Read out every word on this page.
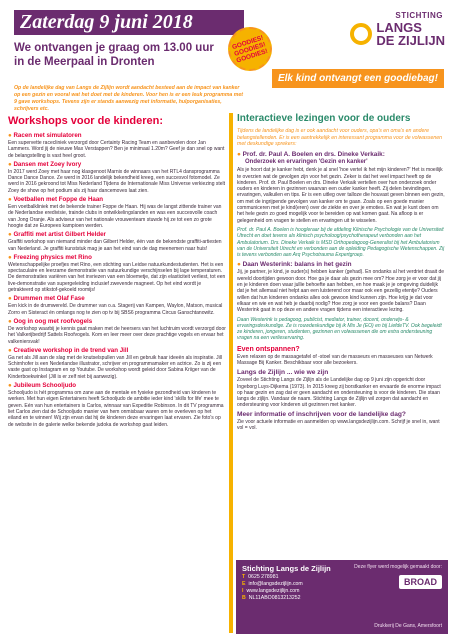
Zaterdag 9 juni 2018
We ontvangen je graag om 13.00 uur
in de Meerpaal in Dronten
GOODIES! GOODIES! GOODIES!
STICHTING
LANGS
DE ZIJLIJN
Elk kind ontvangt een goodiebag!
Op de landelijke dag van Langs de Zijlijn wordt aandacht besteed aan de impact van kanker op een gezin en vooral wat het doet met de kinderen. Voor hen is er een leuk programma met 9 gave workshops. Tevens zijn er stands aanwezig met informatie, hulporganisaties, schrijvers etc.
Workshops voor de kinderen:
● Racen met simulatoren
Een supervette racecliniek verzorgd door Certainty Racing Team en aanbevolen door Jan Lammers. Word jij de nieuwe Max Verstappen? Ben je minimaal 1.20m? Geef je dan snel op want de belangstelling is vast heel groot.
● Dansen met Zoey Ivory
In 2017 werd Zoey met haar nog klasgenoot Marnix de winnaars van het RTL4 dansprogramma Dance Dance Dance. Ze werd in 2016 landelijk bekendheid kreeg, een succesvol fotomodel. Ze werd in 2016 gekroond tot Miss Nederland Tijdens de Internationale Miss Universe verkiezing stelt Zoey de show op het podium als zij haar dancemoves laat zien.
● Voetballen met Foppe de Haan
Een voetbalkliniek met de bekende trainer Foppe de Haan. Hij was de langst zittende trainer van de Nederlandse eredivisie, trainde clubs in ontwikkelingslanden en was een succesvolle coach van Jong Oranje. Als adviseur van het nationale vrouwenteam stuwde hij ze tot een zo grote hoogte dat ze Europees kampioen werden.
● Graffiti met artist Gilbert Helder
Graffiti workshop van niemand minder dan Gilbert Helder, één van de bekendste graffiti-artiesten van Nederland. Je graffiti kunststuk mag je aan het eind van de dag meenemen naar huis!
● Freezing physics met Rino
Wetenschappelijke proefjes met Rino, een stichting van Leidse natuurkundestudenten. Het is een spectaculaire en leerzame demonstratie van natuurkundige verschijnselen bij lage temperaturen. De demonstraties variëren van het invriezen van een bloemetje, dat zijn elasticiteit verliest, tot een live-demonstratie van supergeleiding inclusief zwevende magneet. Op het eind wordt je getrakteerd op stikstof-gekoeld roomijs!
● Drummen met Olaf Fase
Een kick in de drumwereld. De drummer van o.a. Stagerij van Kampen, Waylon, Matson, musical Zorro en Sisteract én omlangs nog te zien op tv bij SBS6 programma Circus Ganschtanowitz.
● Oog in oog met roofvogels
De workshop waarbij je kennis gaat maken met de heersers van het luchtruim wordt verzorgd door het Valkerijbedrijf Sattels Roofvogels. Kom en leer meer over deze prachtige vogels en ervaar het valkeniersvak!
● Creatieve workshop in de trend van Jill
Ga net als Jill aan de slag met de knutselspullen van Jill en gebruik haar ideeën als inspiratie. Jill Schirnhofer is een Nederlandse illustrator, schrijver en programmamaker en actrice. Zo is zij een vaste gast op Instagram en op Youtube. De workshop wordt geleid door Sabina Kriiger van de Kinderboekwinkel (Jill is er zelf niet bij aanwezig).
● Jubileum Schooljudo
Schooljudo is hét programma om zane aan de mentale en fysieke gezondheid van kinderen te werken. Met hun eigen Entertainers heeft Schooljudo de ambitie ieder kind 'skills for life' mee te geven. Eén van hun entertainers is Carlos, winnaar van Expeditie Robinson. In dit TV programma liet Carlos zien dat de Schooljudo manier van hem onmisbaar waren om te overleven op het eiland en te winnen! Wij zijn ervan dat hij de kinderen deze ervaringen laat ervaren. Zie foto's op de website in de galerie welke bekende judoka de workshop gaat leiden.
Interactieve lezingen voor de ouders
Tijdens de landelijke dag is er ook aandacht voor ouders, opa's en oma's en andere belangstellenden. Er is een aantrekkelijk en interessant programma voor de volwassenen met deskundige sprekers:
● Prof. dr. Paul A. Boelen en drs. Dineke Verkaik:
Onderzoek en ervaringen 'Gezin en kanker'
Als je hoort dat je kanker hebt, denk je al snel 'hoe vertel ik het mijn kinderen?' Het is moeilijk te overzien wat de gevolgen zijn voor het gezin. Zeker is dat het veel impact heeft op de kinderen. Prof. dr. Paul Boelen en drs. Dineke Verkaik vertellen over hun onderzoek onder ouders en kinderen in gezinnen waarvan een ouder kanker heeft. Zij delen bevindingen, ervaringen, valkuilen en tips. Er is een uitleg over talloze die houvast geven binnen een gezin, om met de ingrijpende gevolgen van kanker om te gaan. Zoals op een goede manier communiceren met je kind(eren) over de ziekte en over je emoties. En wat je kunt doen om het hele gezin zo goed mogelijk voor te bereiden op wat komen gaat. Na afloop is er gelegenheid om vragen te stellen en ervaringen uit te wisselen.
Prof. dr. Paul A. Boelen is hoogleraar bij de afdeling Klinische Psychologie van de Universiteit Utrecht en doet tevens als klinisch psycholoog/psychotherapeut verbonden aan het Ambulatorium. Drs. Dineke Verkaik is MSD Orthopedagoog-Generalist bij het Ambulatorium van de Universiteit Utrecht en verbonden aan de opleiding Pedagogische Wetenschappen. Zij is tevens verbonden aan Arq Psychotrauma Expertgroep.
● Daan Westerink: balans in het gezin
Jij, je partner, je kind, je ouder(s) hebben kanker (gehad). En ondanks al het verdriet draait de wereld doortijden gewoon door. Hoe ga je daar als gezin mee om? Hoe zorg je er voor dat jij en je kinderen doen waar jullie behoefte aan hebben, en hoe maak je je omgeving duidelijk dat je het allemaal niet helpt aan een luisterend oor maar ook een gezellig etentje? Ouders willen dat hun kinderen ondanks alles ook gewoon kind kunnen zijn. Hoe krijg je dat voor elkaar en wie en wat heb je daarbij nodig? Hoe zorg je voor een goede balans? Daan Westerink gaat in op deze en andere vragen tijdens een interactieve lezing.
Daan Westerink is pedagoog, publicist, mediator, trainer, docent, onderwijs- & ervaringsdeskundige. Ze is rouwdeskundige bij ik Mis Je (EO) en bij LiefdeTV. Ook begeleidt ze kinderen, jongeren, studenten, gezinnen en volwassenen die om extra ondersteuning vragen na een verlieservaring.
Even ontspannen?
Even relaxen op de massagetafel of -stoel van de masseurs en masseuses van Netwerk Massage Bij Kanker. Beschikbaar voor alle bezoekers.
Langs de Zijlijn ... wie we zijn
Zoveel de Stichting Langs de Zijlijn als de Landelijke dag op 9 juni zijn opgericht door Ingeborg Luys-Dijkema (1973). In 2015 kreeg zij borstkanker en ervaarde de enorme impact op haar gezin en zag dat er geen aandacht en ondersteuning is voor de kinderen. Die staan langs de zijlijn. Vandaar de naam. Stichting Langs de Zijlijn wil zorgen dat aandacht en ondersteuning voor kinderen uit gezinnen met kanker.
Meer informatie of inschrijven voor de landelijke dag?
Zie voor actuele informatie en aanmelden op www.langsdezijlijn.com. Schrijf je snel in, want vol = vol.
Stichting Langs de Zijlijn
T 0625 278981
E info@langsdezijlijn.com
I www.langsdezijlijn.com
B NL11ABO0813213252
Deze flyer werd mogelijk gemaakt door:
BROAD
Drukkerij De Gans, Amersfoort
